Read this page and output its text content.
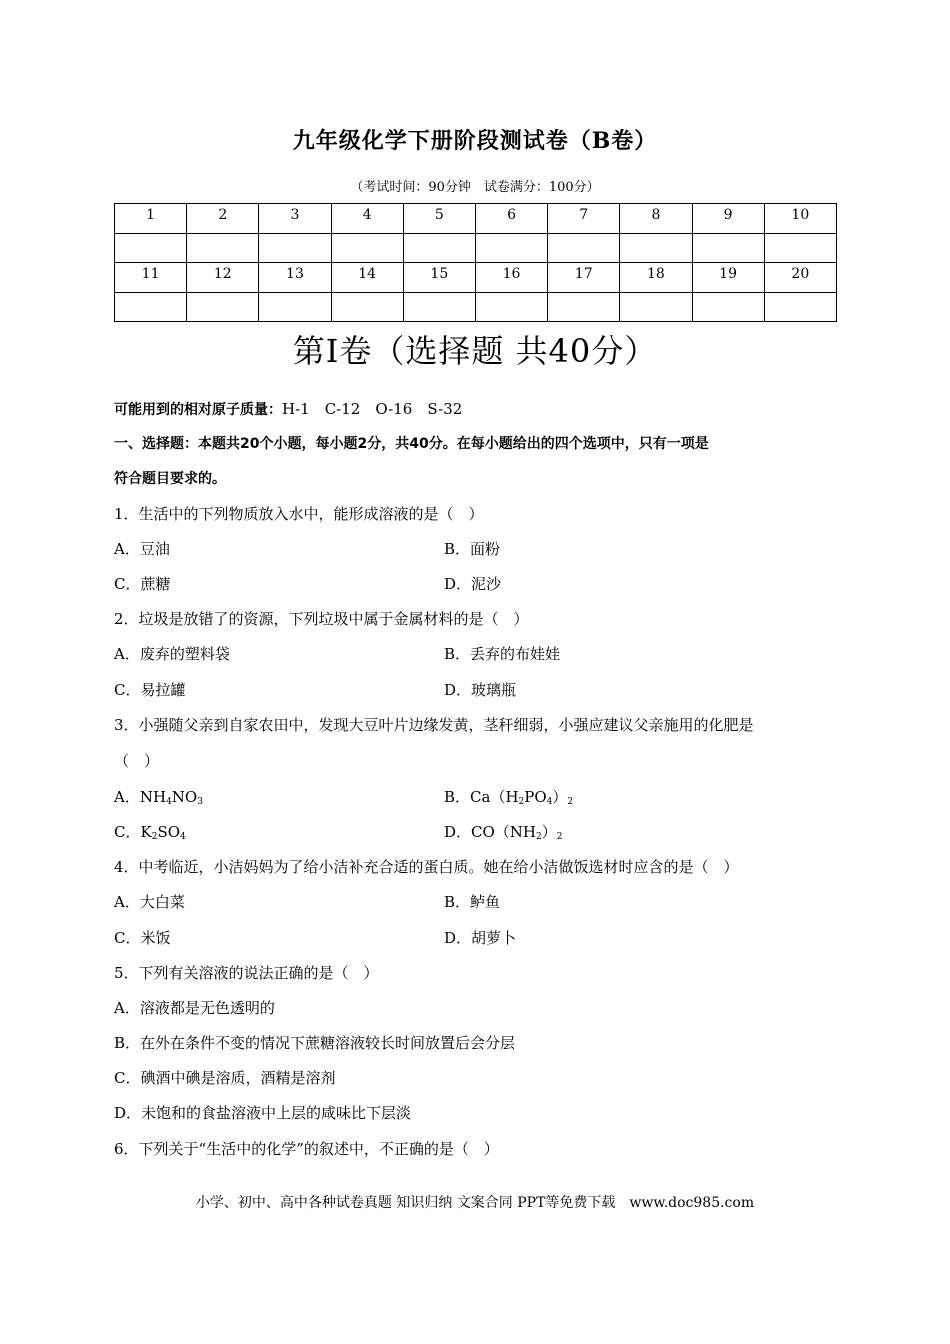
九年级化学下册阶段测试卷（B卷）
（考试时间：90分钟　试卷满分：100分）
1	2	3	4	5	6	7	8	9	10

11	12	13	14	15	16	17	18	19	20

第Ⅰ卷（选择题 共40分）
可能用到的相对原子质量：H-1　C-12　O-16　S-32
一、选择题：本题共20个小题，每小题2分，共40分。在每小题给出的四个选项中，只有一项是
符合题目要求的。
1．生活中的下列物质放入水中，能形成溶液的是（　）
A．豆油	B．面粉
C．蔗糖	D．泥沙
2．垃圾是放错了的资源，下列垃圾中属于金属材料的是（　）
A．废弃的塑料袋	B．丢弃的布娃娃
C．易拉罐	D．玻璃瓶
3．小强随父亲到自家农田中，发现大豆叶片边缘发黄，茎秆细弱，小强应建议父亲施用的化肥是
（　）
A．$NH_4NO_3$	B．$Ca(H_2PO_4)_2$
C．$K_2SO_4$	D．$CO(NH_2)_2$
4．中考临近，小洁妈妈为了给小洁补充合适的蛋白质。她在给小洁做饭选材时应含的是（　）
A．大白菜	B．鲈鱼
C．米饭	D．胡萝卜
5．下列有关溶液的说法正确的是（　）
A．溶液都是无色透明的
B．在外在条件不变的情况下蔗糖溶液较长时间放置后会分层
C．碘酒中碘是溶质，酒精是溶剂
D．未饱和的食盐溶液中上层的咸味比下层淡
6．下列关于“生活中的化学”的叙述中，不正确的是（　）
小学、初中、高中各种试卷真题 知识归纳 文案合同 PPT等免费下载　www.doc985.com
